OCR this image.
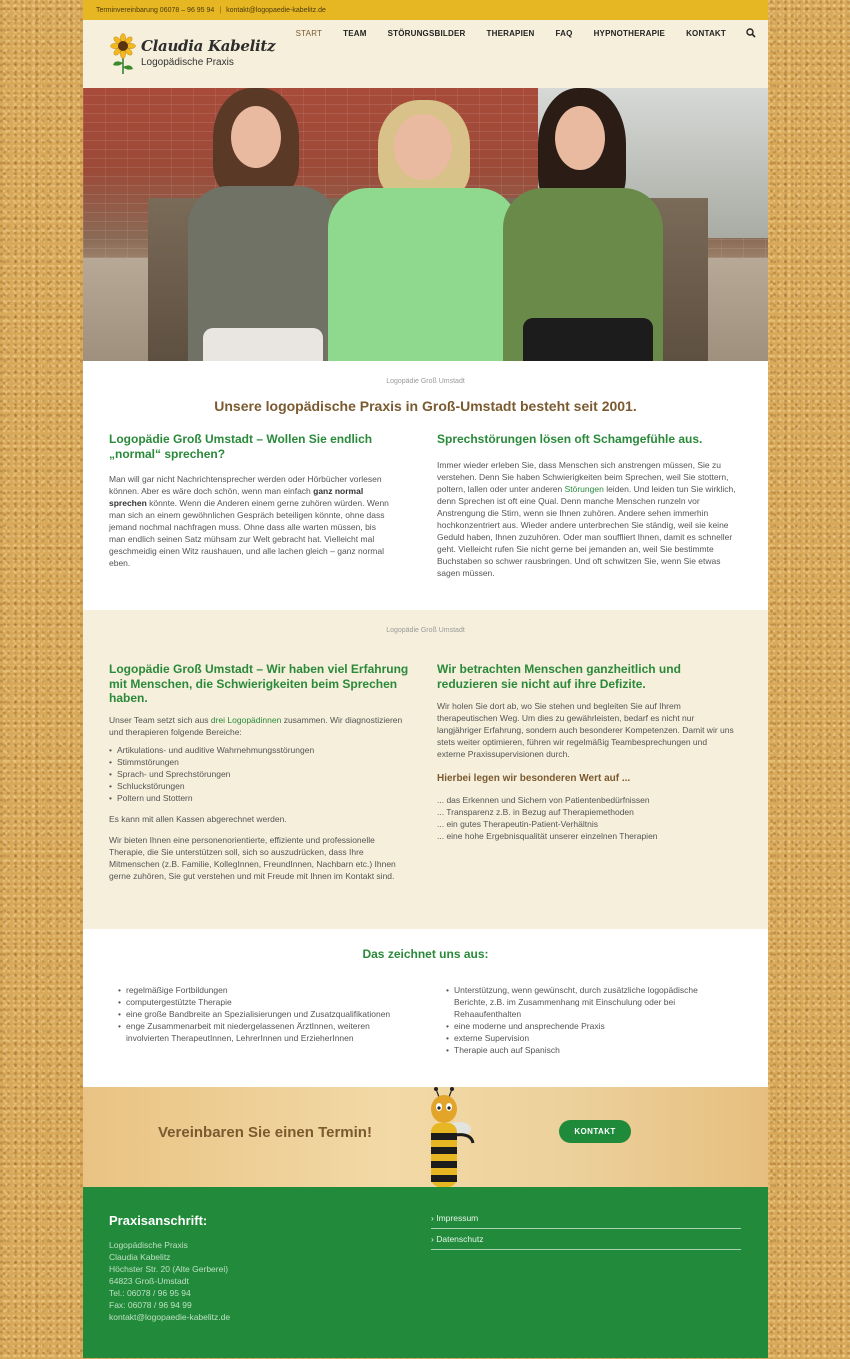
Terminvereinbarung 06078 – 96 95 94 | kontakt@logopaedie-kabelitz.de
Claudia Kabelitz
Logopädische Praxis
START	TEAM	STÖRUNGSBILDER	THERAPIEN	FAQ	HYPNOTHERAPIE	KONTAKT
Logopädie Groß Umstadt
Unsere logopädische Praxis in Groß-Umstadt besteht seit 2001.
Logopädie Groß Umstadt – Wollen Sie endlich „normal“ sprechen?

Man will gar nicht Nachrichtensprecher werden oder Hörbücher vorlesen können. Aber es wäre doch schön, wenn man einfach ganz normal sprechen könnte. Wenn die Anderen einem gerne zuhören würden. Wenn man sich an einem gewöhnlichen Gespräch beteiligen könnte, ohne dass jemand nochmal nachfragen muss. Ohne dass alle warten müssen, bis man endlich seinen Satz mühsam zur Welt gebracht hat. Vielleicht mal geschmeidig einen Witz raushauen, und alle lachen gleich – ganz normal eben.

Sprechstörungen lösen oft Schamgefühle aus.

Immer wieder erleben Sie, dass Menschen sich anstrengen müssen, Sie zu verstehen. Denn Sie haben Schwierigkeiten beim Sprechen, weil Sie stottern, poltern, lallen oder unter anderen Störungen leiden. Und leiden tun Sie wirklich, denn Sprechen ist oft eine Qual. Denn manche Menschen runzeln vor Anstrengung die Stirn, wenn sie Ihnen zuhören. Andere sehen immerhin hochkonzentriert aus. Wieder andere unterbrechen Sie ständig, weil sie keine Geduld haben, Ihnen zuzuhören. Oder man souffliert Ihnen, damit es schneller geht. Vielleicht rufen Sie nicht gerne bei jemanden an, weil Sie bestimmte Buchstaben so schwer rausbringen. Und oft schwitzen Sie, wenn Sie etwas sagen müssen.

Logopädie Groß Umstadt
Logopädie Groß Umstadt – Wir haben viel Erfahrung mit Menschen, die Schwierigkeiten beim Sprechen haben.

Unser Team setzt sich aus drei Logopädinnen zusammen. Wir diagnostizieren und therapieren folgende Bereiche:

• Artikulations- und auditive Wahrnehmungsstörungen
• Stimmstörungen
• Sprach- und Sprechstörungen
• Schluckstörungen
• Poltern und Stottern

Es kann mit allen Kassen abgerechnet werden.

Wir bieten Ihnen eine personenorientierte, effiziente und professionelle Therapie, die Sie unterstützen soll, sich so auszudrücken, dass Ihre Mitmenschen (z.B. Familie, KollegInnen, FreundInnen, Nachbarn etc.) Ihnen gerne zuhören, Sie gut verstehen und mit Freude mit Ihnen im Kontakt sind.

Wir betrachten Menschen ganzheitlich und reduzieren sie nicht auf ihre Defizite.

Wir holen Sie dort ab, wo Sie stehen und begleiten Sie auf Ihrem therapeutischen Weg. Um dies zu gewährleisten, bedarf es nicht nur langjähriger Erfahrung, sondern auch besonderer Kompetenzen. Damit wir uns stets weiter optimieren, führen wir regelmäßig Teambesprechungen und externe Praxissupervisionen durch.

Hierbei legen wir besonderen Wert auf ...
... das Erkennen und Sichern von Patientenbedürfnissen
... Transparenz z.B. in Bezug auf Therapiemethoden
... ein gutes Therapeutin-Patient-Verhältnis
... eine hohe Ergebnisqualität unserer einzelnen Therapien
Das zeichnet uns aus:
• regelmäßige Fortbildungen
• computergestützte Therapie
• eine große Bandbreite an Spezialisierungen und Zusatzqualifikationen
• enge Zusammenarbeit mit niedergelassenen ÄrztInnen, weiteren involvierten TherapeutInnen, LehrerInnen und ErzieherInnen
• Unterstützung, wenn gewünscht, durch zusätzliche logopädische Berichte, z.B. im Zusammenhang mit Einschulung oder bei Rehaaufenthalten
• eine moderne und ansprechende Praxis
• externe Supervision
• Therapie auch auf Spanisch
Vereinbaren Sie einen Termin!	KONTAKT
Praxisanschrift:
Logopädische Praxis
Claudia Kabelitz
Höchster Str. 20 (Alte Gerberei)
64823 Groß-Umstadt
Tel.: 06078 / 96 95 94
Fax: 06078 / 96 94 99
kontakt@logopaedie-kabelitz.de
› Impressum
› Datenschutz
